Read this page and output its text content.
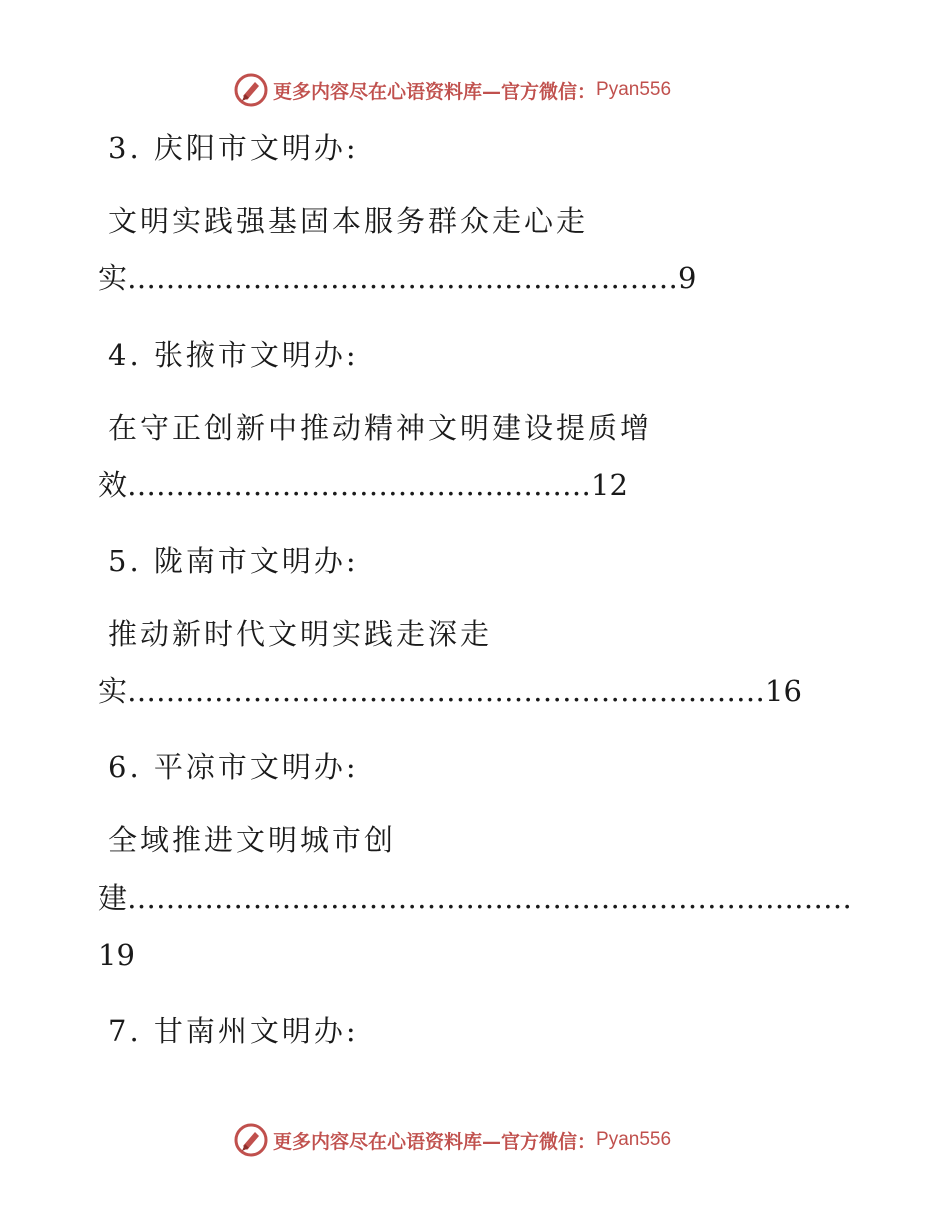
更多内容尽在心语资料库—官方微信： Pyan556
3. 庆阳市文明办:
文明实践强基固本服务群众走心走
实…………………………………………………9
4. 张掖市文明办:
在守正创新中推动精神文明建设提质增
效…………………………………………12
5. 陇南市文明办:
推动新时代文明实践走深走
实…………………………………………………………16
6. 平凉市文明办:
全域推进文明城市创
建…………………………………………………………………
19
7. 甘南州文明办:
更多内容尽在心语资料库—官方微信： Pyan556
